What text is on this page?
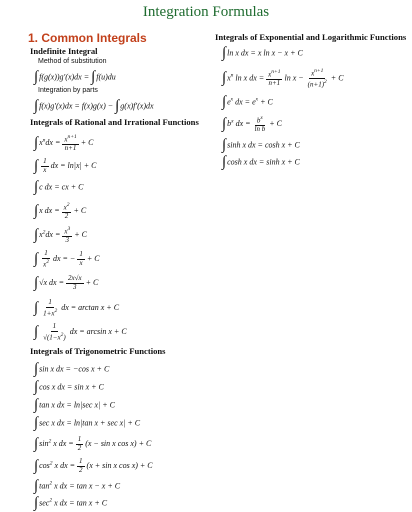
Integration Formulas
1. Common Integrals
Indefinite Integral
Method of substitution
∫f(g(x))g′(x)dx = ∫f(u)du
Integration by parts
∫f(x)g′(x)dx = f(x)g(x) − ∫g(x)f′(x)dx
Integrals of Rational and Irrational Functions
$\int x^ndx = \frac{x^{n+1}}{n+1} + C$
∫ $\frac{1}{x}$ dx = ln|x| + C
∫c dx = cx + C
∫x dx = $\frac{x^2}{2} + C$
$\int x^2dx = \frac{x^3}{3} + C$
∫ $\frac{1}{x^2}$ dx = − $\frac{1}{x} + C$
∫√x dx = $\frac{2x√x}{3} + C$
∫ $\frac{1}{1+x^2}$ dx = arctan x + C
∫ $\frac{1}{√(1-x^2)}$ dx = arcsin x + C
Integrals of Trigonometric Functions
∫sin x dx = −cos x + C
∫cos x dx = sin x + C
∫tan x dx = ln|sec x| + C
∫sec x dx = ln|tan x + sec x| + C
$\int\sin^2$ x dx = $\frac{1}{2} (x - \sin x$ cos x) + C
$\int\cos^2$ x dx = $\frac{1}{2} (x + \sin x$ cos x) + C
$\int\tan^2$ x dx = tan x − x + C
$\int\sec^2$ x dx = tan x + C
Integrals of Exponential and Logarithmic Functions
∫ln x dx = x ln x − x + C
$\int x^n$ ln x dx = $\frac{x^{n+1}}{n+1}$ $\ln x - \frac{x^{n+1}}{(n+1)^2} + C$
$\int e^x$ dx = $e^x + C$
$\int b^x$ dx = $\frac{b^x}{\text{ln b}} + C$
∫sinh x dx = cosh x + C
∫cosh x dx = sinh x + C
